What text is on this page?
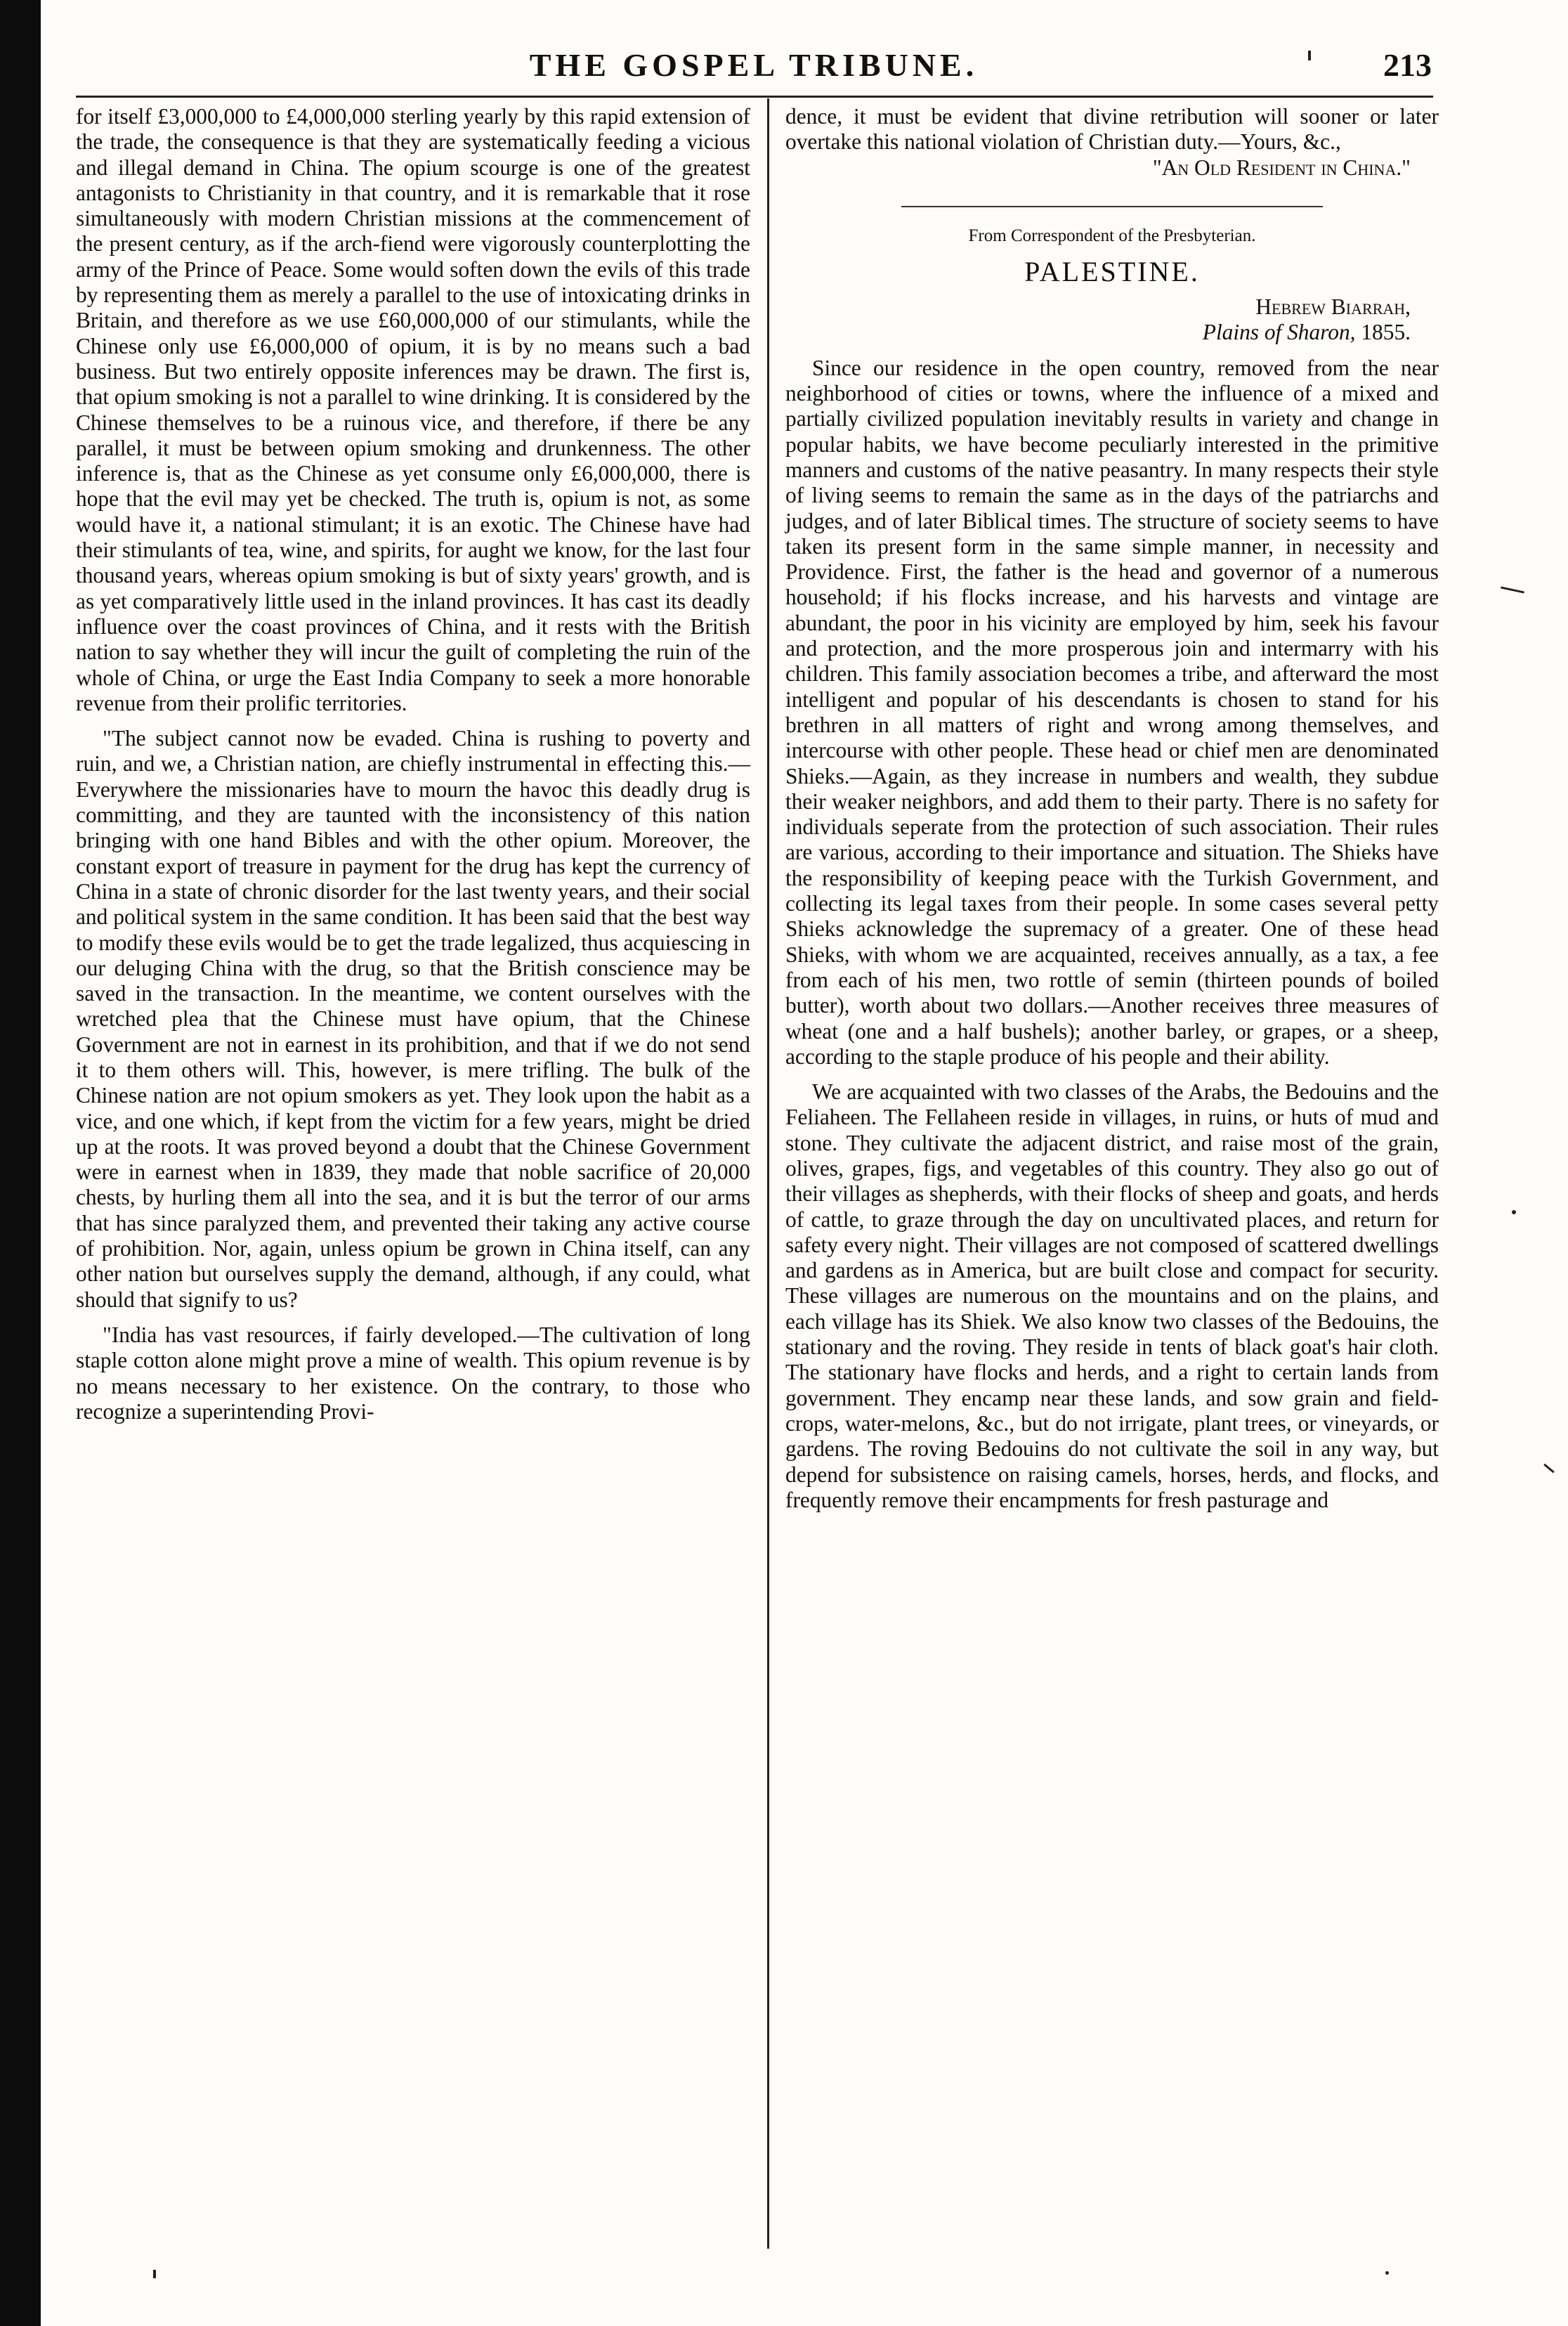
THE GOSPEL TRIBUNE.	213

for itself £3,000,000 to £4,000,000 sterling yearly by this rapid extension of the trade, the consequence is that they are systematically feeding a vicious and illegal demand in China. The opium scourge is one of the greatest antagonists to Christianity in that country, and it is remarkable that it rose simultaneously with modern Christian missions at the commencement of the present century, as if the arch-fiend were vigorously counterplotting the army of the Prince of Peace. Some would soften down the evils of this trade by representing them as merely a parallel to the use of intoxicating drinks in Britain, and therefore as we use £60,000,000 of our stimulants, while the Chinese only use £6,000,000 of opium, it is by no means such a bad business. But two entirely opposite inferences may be drawn. The first is, that opium smoking is not a parallel to wine drinking. It is considered by the Chinese themselves to be a ruinous vice, and therefore, if there be any parallel, it must be between opium smoking and drunkenness. The other inference is, that as the Chinese as yet consume only £6,000,000, there is hope that the evil may yet be checked. The truth is, opium is not, as some would have it, a national stimulant; it is an exotic. The Chinese have had their stimulants of tea, wine, and spirits, for aught we know, for the last four thousand years, whereas opium smoking is but of sixty years' growth, and is as yet comparatively little used in the inland provinces. It has cast its deadly influence over the coast provinces of China, and it rests with the British nation to say whether they will incur the guilt of completing the ruin of the whole of China, or urge the East India Company to seek a more honorable revenue from their prolific territories.

"The subject cannot now be evaded. China is rushing to poverty and ruin, and we, a Christian nation, are chiefly instrumental in effecting this.—Everywhere the missionaries have to mourn the havoc this deadly drug is committing, and they are taunted with the inconsistency of this nation bringing with one hand Bibles and with the other opium. Moreover, the constant export of treasure in payment for the drug has kept the currency of China in a state of chronic disorder for the last twenty years, and their social and political system in the same condition. It has been said that the best way to modify these evils would be to get the trade legalized, thus acquiescing in our deluging China with the drug, so that the British conscience may be saved in the transaction. In the meantime, we content ourselves with the wretched plea that the Chinese must have opium, that the Chinese Government are not in earnest in its prohibition, and that if we do not send it to them others will. This, however, is mere trifling. The bulk of the Chinese nation are not opium smokers as yet. They look upon the habit as a vice, and one which, if kept from the victim for a few years, might be dried up at the roots. It was proved beyond a doubt that the Chinese Government were in earnest when in 1839, they made that noble sacrifice of 20,000 chests, by hurling them all into the sea, and it is but the terror of our arms that has since paralyzed them, and prevented their taking any active course of prohibition. Nor, again, unless opium be grown in China itself, can any other nation but ourselves supply the demand, although, if any could, what should that signify to us?

"India has vast resources, if fairly developed.—The cultivation of long staple cotton alone might prove a mine of wealth. This opium revenue is by no means necessary to her existence. On the contrary, to those who recognize a superintending Provi-

dence, it must be evident that divine retribution will sooner or later overtake this national violation of Christian duty.—Yours, &c.,

"An Old Resident in China."

From Correspondent of the Presbyterian.

PALESTINE.

Hebrew Biarrah,

Plains of Sharon, 1855.

Since our residence in the open country, removed from the near neighborhood of cities or towns, where the influence of a mixed and partially civilized population inevitably results in variety and change in popular habits, we have become peculiarly interested in the primitive manners and customs of the native peasantry. In many respects their style of living seems to remain the same as in the days of the patriarchs and judges, and of later Biblical times. The structure of society seems to have taken its present form in the same simple manner, in necessity and Providence. First, the father is the head and governor of a numerous household; if his flocks increase, and his harvests and vintage are abundant, the poor in his vicinity are employed by him, seek his favour and protection, and the more prosperous join and intermarry with his children. This family association becomes a tribe, and afterward the most intelligent and popular of his descendants is chosen to stand for his brethren in all matters of right and wrong among themselves, and intercourse with other people. These head or chief men are denominated Shieks.—Again, as they increase in numbers and wealth, they subdue their weaker neighbors, and add them to their party. There is no safety for individuals seperate from the protection of such association. Their rules are various, according to their importance and situation. The Shieks have the responsibility of keeping peace with the Turkish Government, and collecting its legal taxes from their people. In some cases several petty Shieks acknowledge the supremacy of a greater. One of these head Shieks, with whom we are acquainted, receives annually, as a tax, a fee from each of his men, two rottle of semin (thirteen pounds of boiled butter), worth about two dollars.—Another receives three measures of wheat (one and a half bushels); another barley, or grapes, or a sheep, according to the staple produce of his people and their ability.

We are acquainted with two classes of the Arabs, the Bedouins and the Feliaheen. The Fellaheen reside in villages, in ruins, or huts of mud and stone. They cultivate the adjacent district, and raise most of the grain, olives, grapes, figs, and vegetables of this country. They also go out of their villages as shepherds, with their flocks of sheep and goats, and herds of cattle, to graze through the day on uncultivated places, and return for safety every night. Their villages are not composed of scattered dwellings and gardens as in America, but are built close and compact for security. These villages are numerous on the mountains and on the plains, and each village has its Shiek. We also know two classes of the Bedouins, the stationary and the roving. They reside in tents of black goat's hair cloth. The stationary have flocks and herds, and a right to certain lands from government. They encamp near these lands, and sow grain and field-crops, water-melons, &c., but do not irrigate, plant trees, or vineyards, or gardens. The roving Bedouins do not cultivate the soil in any way, but depend for subsistence on raising camels, horses, herds, and flocks, and frequently remove their encampments for fresh pasturage and
